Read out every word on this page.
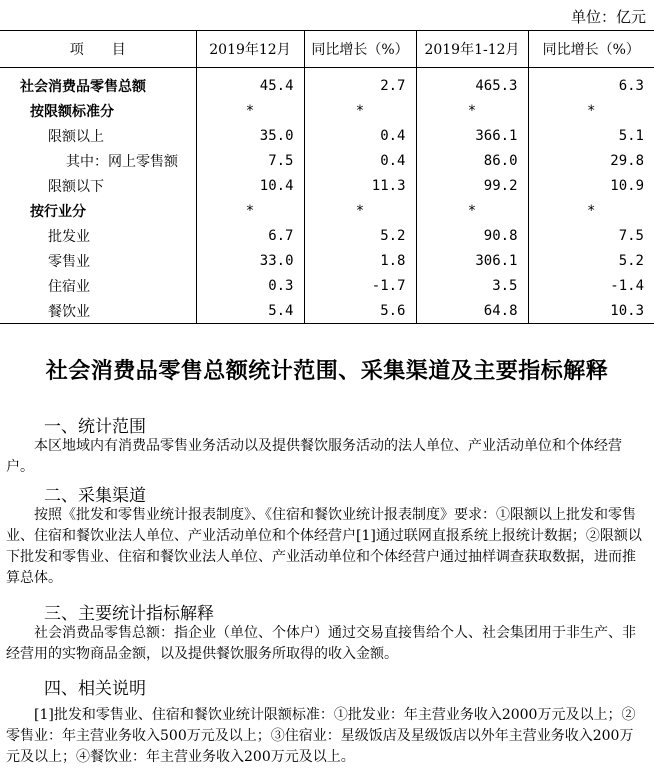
单位：亿元
项　　目	2019年12月	同比增长（%）	2019年1-12月	同比增长（%）
社会消费品零售总额	45.4	2.7	465.3	6.3
按限额标准分	*	*	*	*
限额以上	35.0	0.4	366.1	5.1
其中：网上零售额	7.5	0.4	86.0	29.8
限额以下	10.4	11.3	99.2	10.9
按行业分	*	*	*	*
批发业	6.7	5.2	90.8	7.5
零售业	33.0	1.8	306.1	5.2
住宿业	0.3	-1.7	3.5	-1.4
餐饮业	5.4	5.6	64.8	10.3
社会消费品零售总额统计范围、采集渠道及主要指标解释
一、统计范围

本区地域内有消费品零售业务活动以及提供餐饮服务活动的法人单位、产业活动单位和个体经营户。

二、采集渠道

按照《批发和零售业统计报表制度》、《住宿和餐饮业统计报表制度》要求：①限额以上批发和零售业、住宿和餐饮业法人单位、产业活动单位和个体经营户[1]通过联网直报系统上报统计数据；②限额以下批发和零售业、住宿和餐饮业法人单位、产业活动单位和个体经营户通过抽样调查获取数据，进而推算总体。

三、主要统计指标解释

社会消费品零售总额：指企业（单位、个体户）通过交易直接售给个人、社会集团用于非生产、非经营用的实物商品金额，以及提供餐饮服务所取得的收入金额。

四、相关说明

[1]批发和零售业、住宿和餐饮业统计限额标准：①批发业：年主营业务收入2000万元及以上；②零售业：年主营业务收入500万元及以上；③住宿业：星级饭店及星级饭店以外年主营业务收入200万元及以上；④餐饮业：年主营业务收入200万元及以上。
